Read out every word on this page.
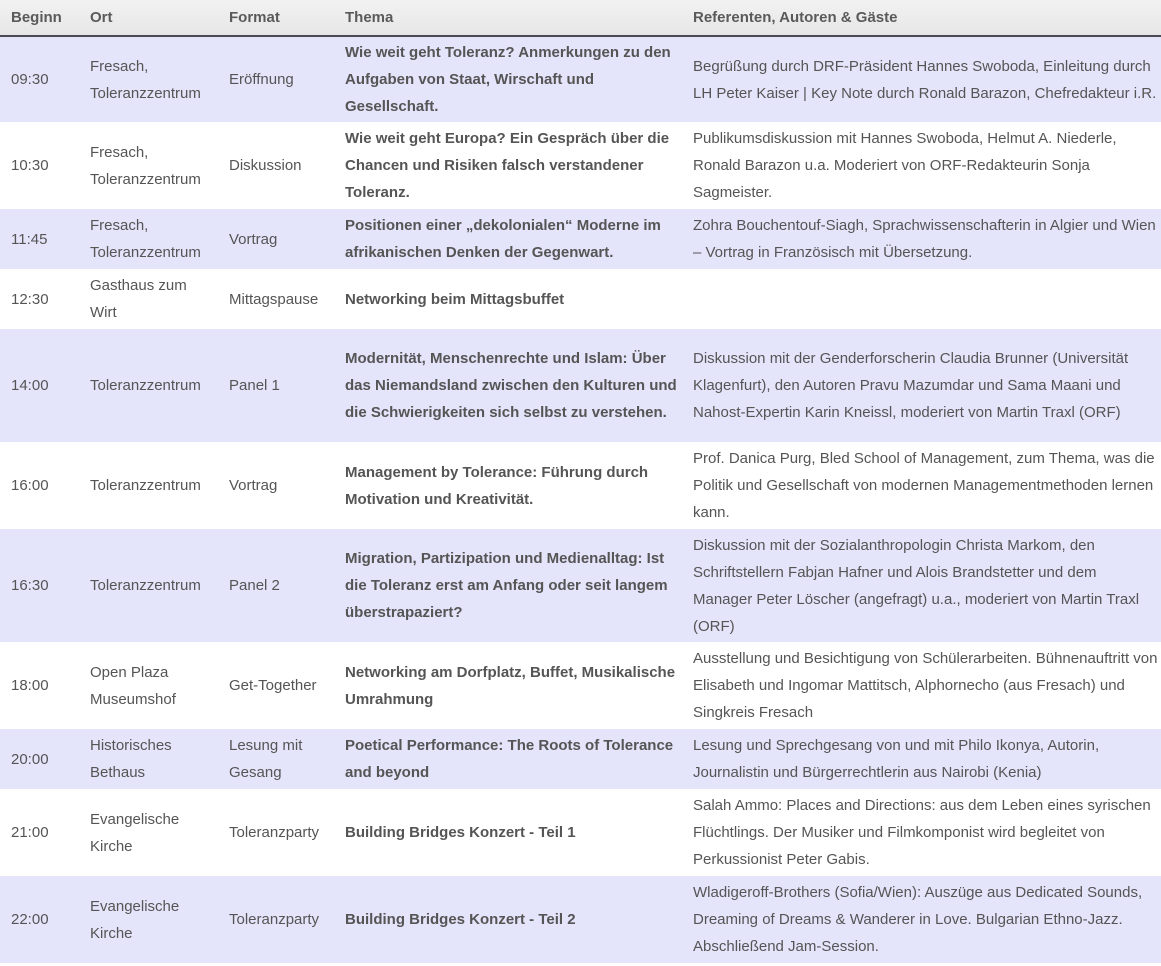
Beginn	Ort	Format	Thema	Referenten, Autoren & Gäste
09:30	Fresach, Toleranzzentrum	Eröffnung	Wie weit geht Toleranz? Anmerkungen zu den Aufgaben von Staat, Wirschaft und Gesellschaft.	Begrüßung durch DRF-Präsident Hannes Swoboda, Einleitung durch LH Peter Kaiser | Key Note durch Ronald Barazon, Chefredakteur i.R.
10:30	Fresach, Toleranzzentrum	Diskussion	Wie weit geht Europa? Ein Gespräch über die Chancen und Risiken falsch verstandener Toleranz.	Publikumsdiskussion mit Hannes Swoboda, Helmut A. Niederle, Ronald Barazon u.a. Moderiert von ORF-Redakteurin Sonja Sagmeister.
11:45	Fresach, Toleranzzentrum	Vortrag	Positionen einer „dekolonialen“ Moderne im afrikanischen Denken der Gegenwart.	Zohra Bouchentouf-Siagh, Sprachwissenschafterin in Algier und Wien – Vortrag in Französisch mit Übersetzung.
12:30	Gasthaus zum Wirt	Mittagspause	Networking beim Mittagsbuffet	
14:00	Toleranzzentrum	Panel 1	Modernität, Menschenrechte und Islam: Über das Niemandsland zwischen den Kulturen und die Schwierigkeiten sich selbst zu verstehen.	Diskussion mit der Genderforscherin Claudia Brunner (Universität Klagenfurt), den Autoren Pravu Mazumdar und Sama Maani und Nahost-Expertin Karin Kneissl, moderiert von Martin Traxl (ORF)
16:00	Toleranzzentrum	Vortrag	Management by Tolerance: Führung durch Motivation und Kreativität.	Prof. Danica Purg, Bled School of Management, zum Thema, was die Politik und Gesellschaft von modernen Managementmethoden lernen kann.
16:30	Toleranzzentrum	Panel 2	Migration, Partizipation und Medienalltag: Ist die Toleranz erst am Anfang oder seit langem überstrapaziert?	Diskussion mit der Sozialanthropologin Christa Markom, den Schriftstellern Fabjan Hafner und Alois Brandstetter und dem Manager Peter Löscher (angefragt) u.a., moderiert von Martin Traxl (ORF)
18:00	Open Plaza Museumshof	Get-Together	Networking am Dorfplatz, Buffet, Musikalische Umrahmung	Ausstellung und Besichtigung von Schülerarbeiten. Bühnenauftritt von Elisabeth und Ingomar Mattitsch, Alphornecho (aus Fresach) und Singkreis Fresach
20:00	Historisches Bethaus	Lesung mit Gesang	Poetical Performance: The Roots of Tolerance and beyond	Lesung und Sprechgesang von und mit Philo Ikonya, Autorin, Journalistin und Bürgerrechtlerin aus Nairobi (Kenia)
21:00	Evangelische Kirche	Toleranzparty	Building Bridges Konzert - Teil 1	Salah Ammo: Places and Directions: aus dem Leben eines syrischen Flüchtlings. Der Musiker und Filmkomponist wird begleitet von Perkussionist Peter Gabis.
22:00	Evangelische Kirche	Toleranzparty	Building Bridges Konzert - Teil 2	Wladigeroff-Brothers (Sofia/Wien): Auszüge aus Dedicated Sounds, Dreaming of Dreams & Wanderer in Love. Bulgarian Ethno-Jazz. Abschließend Jam-Session.
